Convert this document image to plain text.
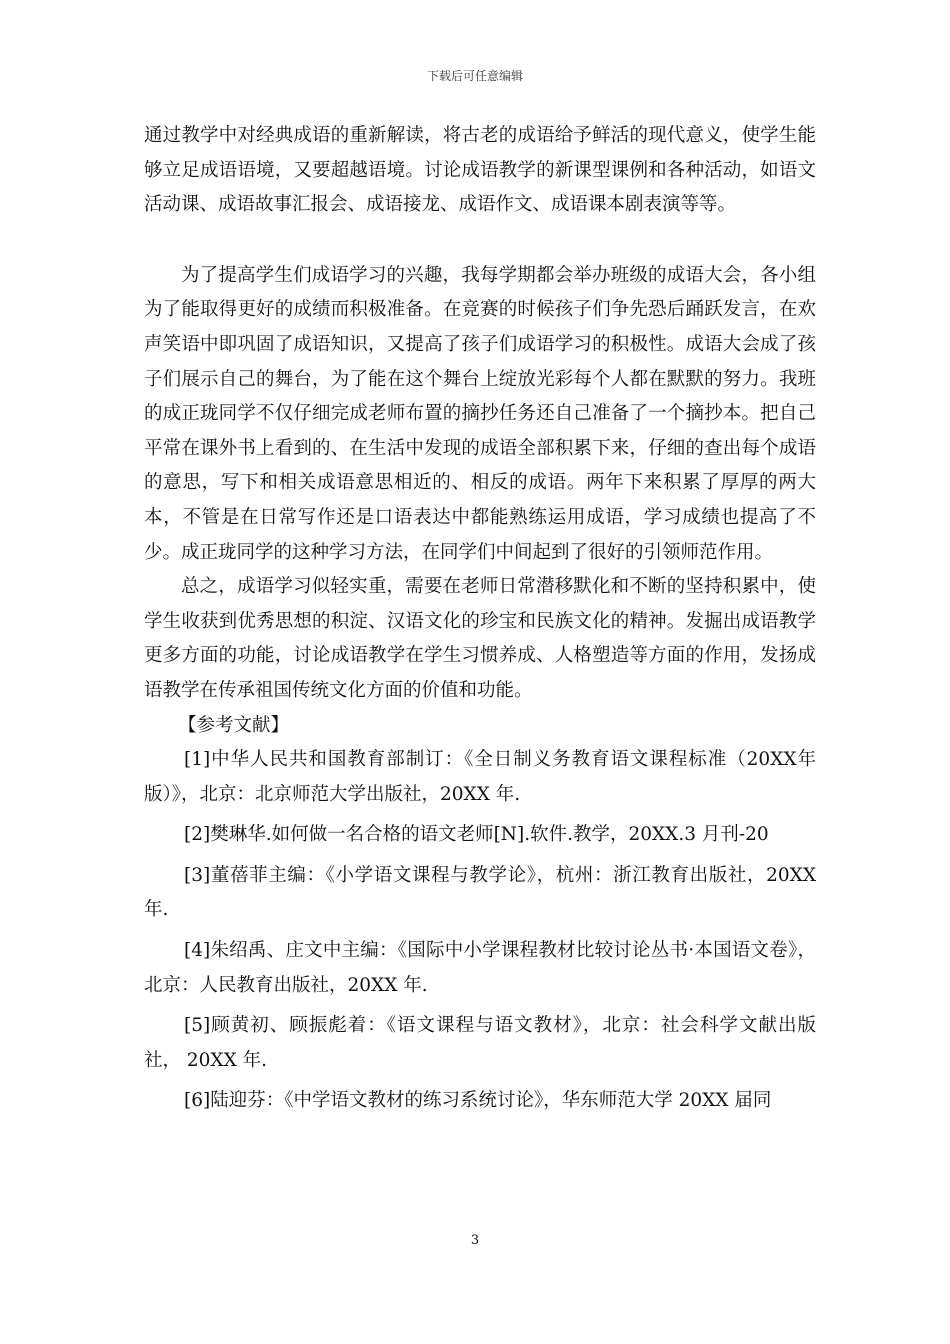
下载后可任意编辑

通过教学中对经典成语的重新解读，将古老的成语给予鲜活的现代意义，使学生能够立足成语语境，又要超越语境。讨论成语教学的新课型课例和各种活动，如语文活动课、成语故事汇报会、成语接龙、成语作文、成语课本剧表演等等。

为了提高学生们成语学习的兴趣，我每学期都会举办班级的成语大会，各小组为了能取得更好的成绩而积极准备。在竞赛的时候孩子们争先恐后踊跃发言，在欢声笑语中即巩固了成语知识，又提高了孩子们成语学习的积极性。成语大会成了孩子们展示自己的舞台，为了能在这个舞台上绽放光彩每个人都在默默的努力。我班的成正珑同学不仅仔细完成老师布置的摘抄任务还自己准备了一个摘抄本。把自己平常在课外书上看到的、在生活中发现的成语全部积累下来，仔细的查出每个成语的意思，写下和相关成语意思相近的、相反的成语。两年下来积累了厚厚的两大本，不管是在日常写作还是口语表达中都能熟练运用成语，学习成绩也提高了不少。成正珑同学的这种学习方法，在同学们中间起到了很好的引领师范作用。

总之，成语学习似轻实重，需要在老师日常潜移默化和不断的坚持积累中，使学生收获到优秀思想的积淀、汉语文化的珍宝和民族文化的精神。发掘出成语教学更多方面的功能，讨论成语教学在学生习惯养成、人格塑造等方面的作用，发扬成语教学在传承祖国传统文化方面的价值和功能。

【参考文献】

[1]中华人民共和国教育部制订：《全日制义务教育语文课程标准（20XX年版）》，北京：北京师范大学出版社，20XX 年.

[2]樊琳华.如何做一名合格的语文老师[N].软件.教学，20XX.3 月刊-20

[3]董蓓菲主编：《小学语文课程与教学论》，杭州：浙江教育出版社，20XX 年.

[4]朱绍禹、庄文中主编：《国际中小学课程教材比较讨论丛书·本国语文卷》，北京：人民教育出版社，20XX 年.

[5]顾黄初、顾振彪着：《语文课程与语文教材》，北京：社会科学文献出版社， 20XX 年.

[6]陆迎芬：《中学语文教材的练习系统讨论》，华东师范大学 20XX 届同

3
